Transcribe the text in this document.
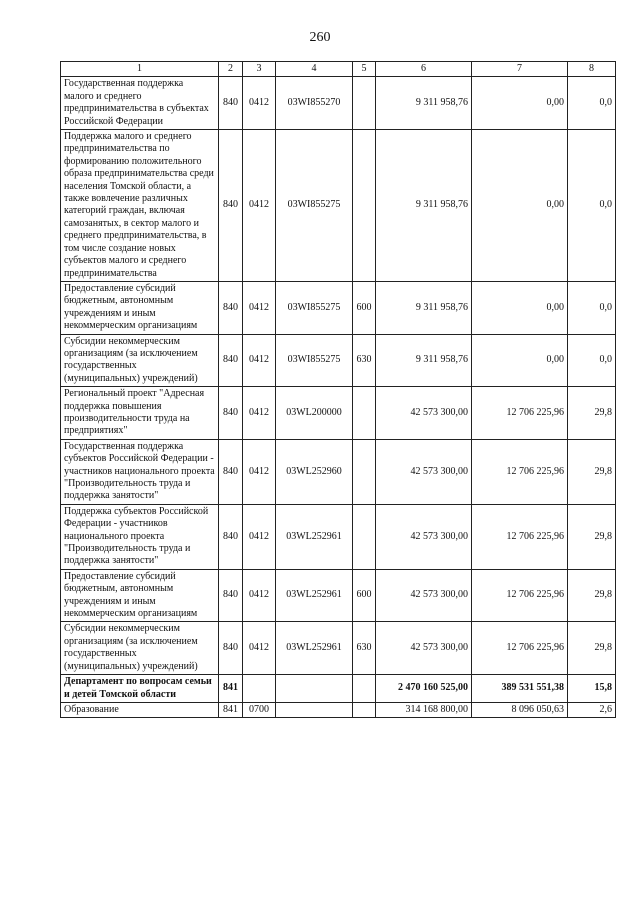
260
1	2	3	4	5	6	7	8
Государственная поддержка малого и среднего предпринимательства в субъектах Российской Федерации	840	0412	03WI855270		9 311 958,76	0,00	0,0
Поддержка малого и среднего предпринимательства по формированию положительного образа предпринимательства среди населения Томской области, а также вовлечение различных категорий граждан, включая самозанятых, в сектор малого и среднего предпринимательства, в том числе создание новых субъектов малого и среднего предпринимательства	840	0412	03WI855275		9 311 958,76	0,00	0,0
Предоставление субсидий бюджетным, автономным учреждениям и иным некоммерческим организациям	840	0412	03WI855275	600	9 311 958,76	0,00	0,0
Субсидии некоммерческим организациям (за исключением государственных (муниципальных) учреждений)	840	0412	03WI855275	630	9 311 958,76	0,00	0,0
Региональный проект "Адресная поддержка повышения производительности труда на предприятиях"	840	0412	03WL200000		42 573 300,00	12 706 225,96	29,8
Государственная поддержка субъектов Российской Федерации - участников национального проекта "Производительность труда и поддержка занятости"	840	0412	03WL252960		42 573 300,00	12 706 225,96	29,8
Поддержка субъектов Российской Федерации - участников национального проекта "Производительность труда и поддержка занятости"	840	0412	03WL252961		42 573 300,00	12 706 225,96	29,8
Предоставление субсидий бюджетным, автономным учреждениям и иным некоммерческим организациям	840	0412	03WL252961	600	42 573 300,00	12 706 225,96	29,8
Субсидии некоммерческим организациям (за исключением государственных (муниципальных) учреждений)	840	0412	03WL252961	630	42 573 300,00	12 706 225,96	29,8
Департамент по вопросам семьи и детей Томской области	841				2 470 160 525,00	389 531 551,38	15,8
Образование	841	0700			314 168 800,00	8 096 050,63	2,6
